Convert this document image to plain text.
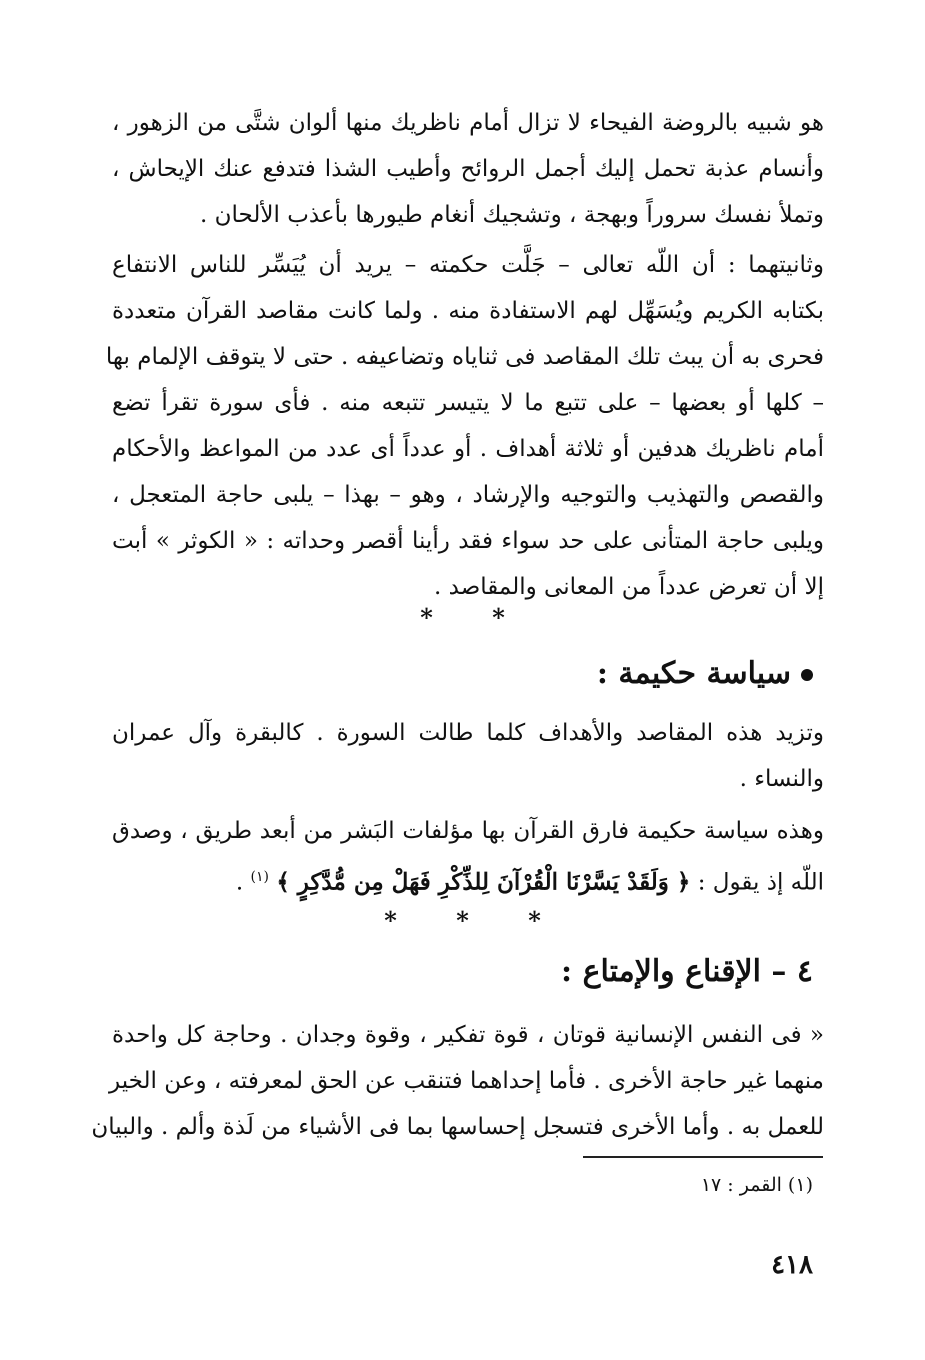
هو شبيه بالروضة الفيحاء لا تزال أمام ناظريك منها ألوان شتَّى من الزهور ،
وأنسام عذبة تحمل إليك أجمل الروائح وأطيب الشذا فتدفع عنك الإيحاش ،
وتملأ نفسك سروراً وبهجة ، وتشجيك أنغام طيورها بأعذب الألحان .
وثانيتهما : أن اللّه تعالى – جَلَّت حكمته – يريد أن يُيَسِّر للناس الانتفاع
بكتابه الكريم ويُسَهِّل لهم الاستفادة منه . ولما كانت مقاصد القرآن متعددة
فحرى به أن يبث تلك المقاصد فى ثناياه وتضاعيفه . حتى لا يتوقف الإلمام بها
– كلها أو بعضها – على تتبع ما لا يتيسر تتبعه منه . فأى سورة تقرأ تضع
أمام ناظريك هدفين أو ثلاثة أهداف . أو عدداً أى عدد من المواعظ والأحكام
والقصص والتهذيب والتوجيه والإرشاد ، وهو – بهذا – يلبى حاجة المتعجل ،
ويلبى حاجة المتأنى على حد سواء فقد رأينا أقصر وحداته : « الكوثر » أبت
إلا أن تعرض عدداً من المعانى والمقاصد .
* *
سياسة حكيمة :
وتزيد هذه المقاصد والأهداف كلما طالت السورة . كالبقرة وآل عمران
والنساء .
وهذه سياسة حكيمة فارق القرآن بها مؤلفات البَشر من أبعد طريق ، وصدق
اللّه إذ يقول : ﴿ وَلَقَدْ يَسَّرْنَا الْقُرْآنَ لِلذِّكْرِ فَهَلْ مِن مُّدَّكِرٍ ﴾ $^{(١)}$ .
* * *
٤ – الإقناع والإمتاع :
« فى النفس الإنسانية قوتان ، قوة تفكير ، وقوة وجدان . وحاجة كل واحدة
منهما غير حاجة الأخرى . فأما إحداهما فتنقب عن الحق لمعرفته ، وعن الخير
للعمل به . وأما الأخرى فتسجل إحساسها بما فى الأشياء من لَذة وألم . والبيان
(١) القمر : ١٧
٤١٨
